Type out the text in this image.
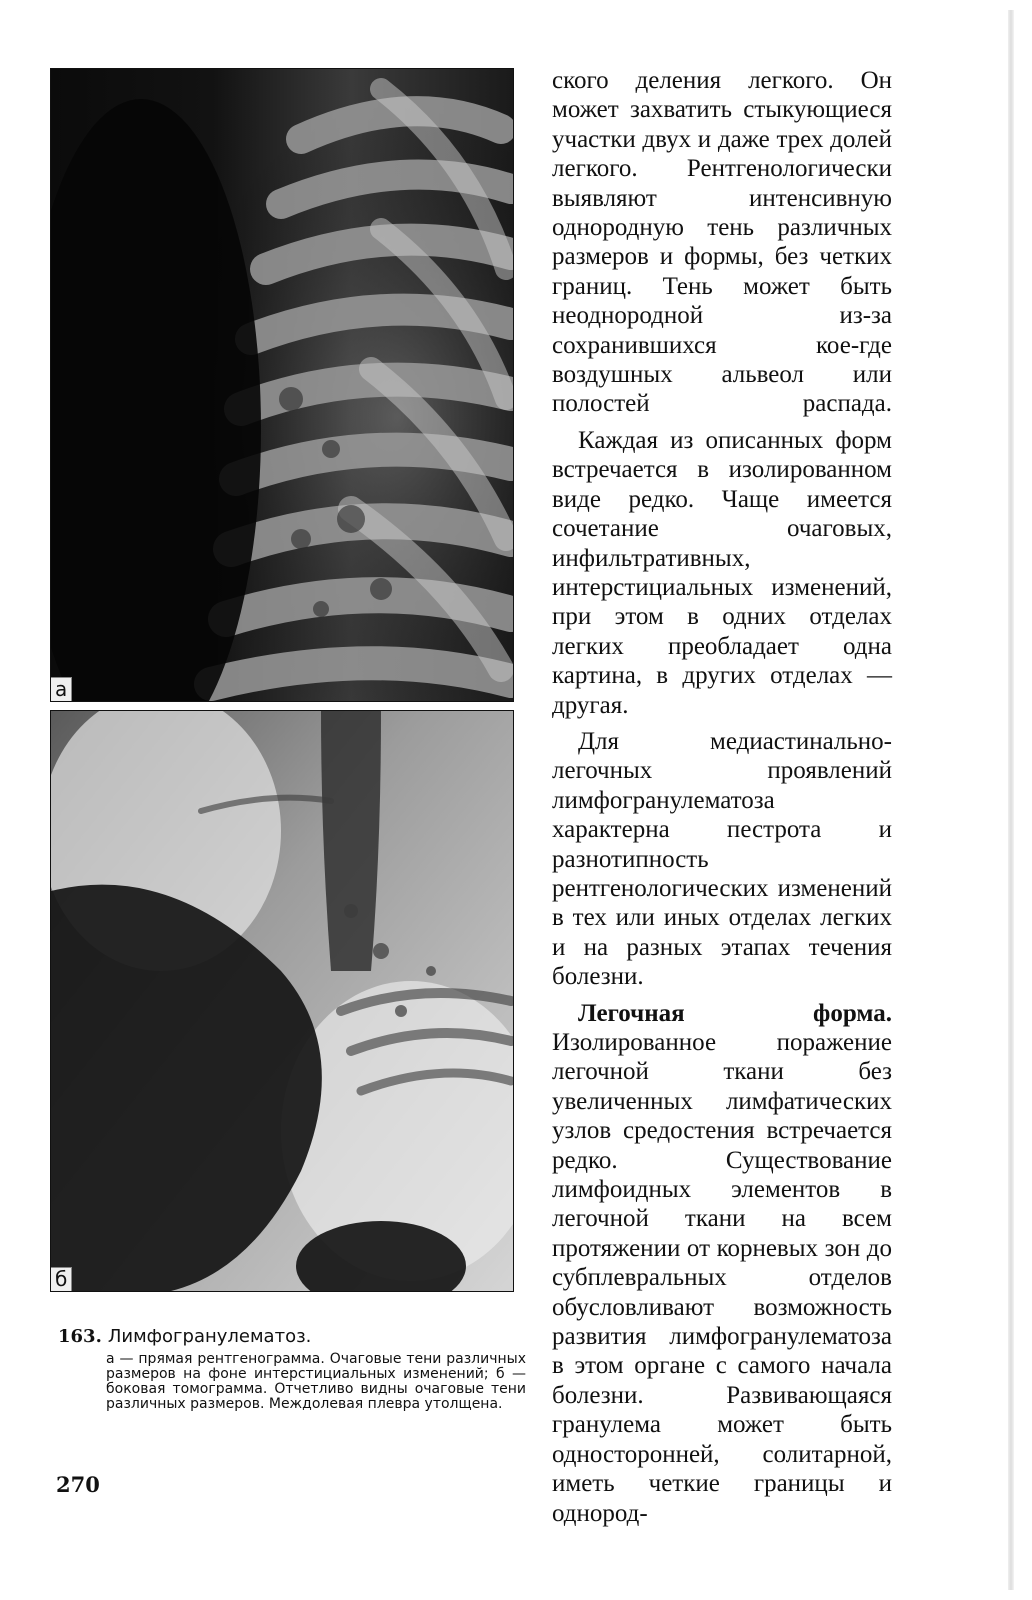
a
б

163. Лимфогранулематоз.

а — прямая рентгенограмма. Очаговые тени различных размеров на фоне интерстициальных изменений; б — боковая томограмма. Отчетливо видны очаговые тени различных размеров. Междолевая плевра утолщена.

270

ского деления легкого. Он может захватить стыкующиеся участки двух и даже трех долей легкого. Рентгенологически выявляют интенсивную однородную тень различных размеров и формы, без четких границ. Тень может быть неоднородной из-за сохранившихся кое-где воздушных альвеол или полостей распада.

Каждая из описанных форм встречается в изолированном виде редко. Чаще имеется сочетание очаговых, инфильтративных, интерстициальных изменений, при этом в одних отделах легких преобладает одна картина, в других отделах — другая.

Для медиастинально-легочных проявлений лимфогранулематоза характерна пестрота и разнотипность рентгенологических изменений в тех или иных отделах легких и на разных этапах течения болезни.

Легочная форма. Изолированное поражение легочной ткани без увеличенных лимфатических узлов средостения встречается редко. Существование лимфоидных элементов в легочной ткани на всем протяжении от корневых зон до субплевральных отделов обусловливают возможность развития лимфогранулематоза в этом органе с самого начала болезни. Развивающаяся гранулема может быть односторонней, солитарной, иметь четкие границы и однород-
